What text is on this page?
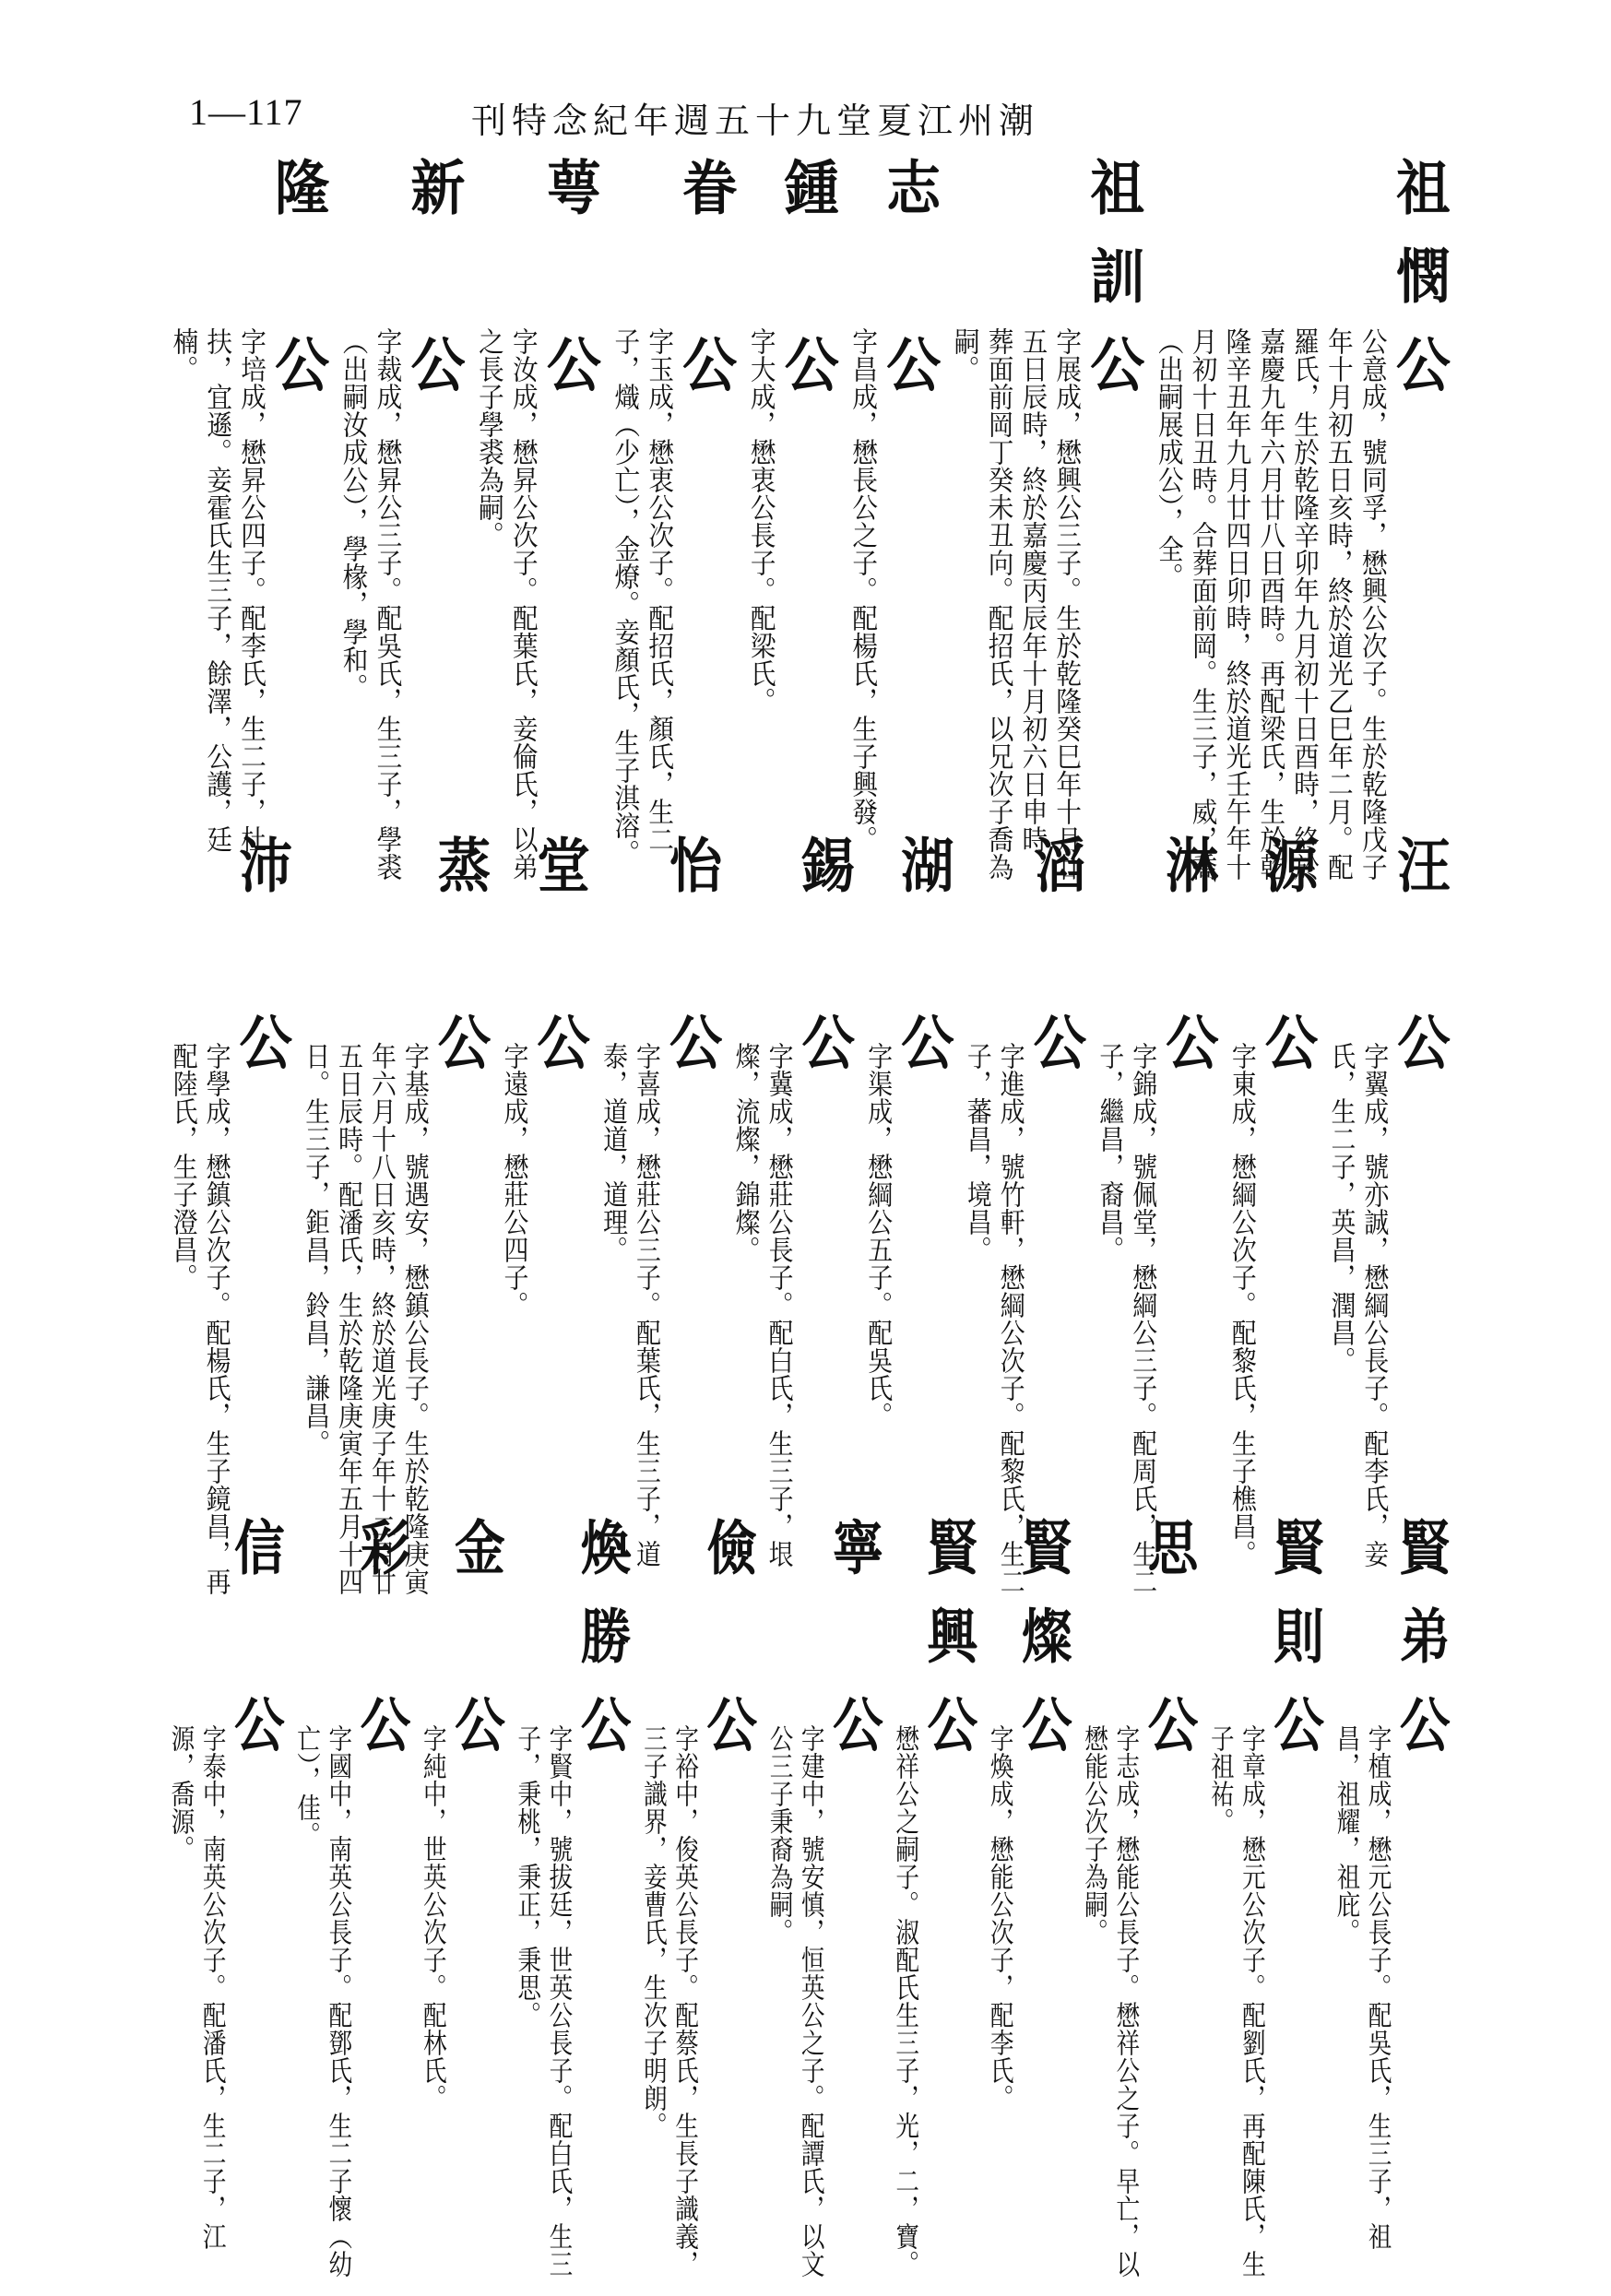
1—117	潮州江夏堂九十五週年紀念特刊
祖憫公
公意成，號同孚，懋興公次子。生於乾隆戊子年十月初五日亥時，終於道光乙巳年二月。配羅氏，生於乾隆辛卯年九月初十日酉時，終於嘉慶九年六月廿八日酉時。再配梁氏，生於乾隆辛丑年九月廿四日卯時，終於道光壬午年十月初十日丑時。合葬面前岡。生三子，威，喬（出嗣展成公），全。
祖訓公
字展成，懋興公三子。生於乾隆癸巳年十月廿五日辰時，終於嘉慶丙辰年十月初六日申時，葬面前岡丁癸未丑向。配招氏，以兄次子喬為嗣。
志　公
字昌成，懋長公之子。配楊氏，生子興發。
鍾　公
字大成，懋衷公長子。配梁氏。
眷　公
字玉成，懋衷公次子。配招氏，顏氏，生二子，熾（少亡），金燎。妾顏氏，生子淇溶。
萼　公
字汝成，懋昇公次子。配葉氏，妾倫氏，以弟之長子學裘為嗣。
新　公
字裁成，懋昇公三子。配吳氏，生三子，學裘（出嗣汝成公），學椽，學和。
隆　公
字培成，懋昇公四子。配李氏，生二子，杜扶，宜遜。妾霍氏生三子，餘澤，公護，廷楠。
汪　公
字翼成，號亦誠，懋綱公長子。配李氏，妾氏，生二子，英昌，潤昌。
源　公
字東成，懋綱公次子。配黎氏，生子樵昌。
淋　公
字錦成，號佩堂，懋綱公三子。配周氏，生二子，繼昌，裔昌。
滔　公
字進成，號竹軒，懋綱公次子。配黎氏，生二子，蕃昌，境昌。
湖　公
字渠成，懋綱公五子。配吳氏。
錫　公
字冀成，懋莊公長子。配白氏，生三子，垠燦，流燦，錦燦。
怡　公
字喜成，懋莊公三子。配葉氏，生三子，道泰，道道，道理。
堂　公
字遠成，懋莊公四子。
蒸　公
字基成，號遇安，懋鎮公長子。生於乾隆庚寅年六月十八日亥時，終於道光庚子年十二月廿五日辰時。配潘氏，生於乾隆庚寅年五月十四日。生三子，鉅昌，鈴昌，謙昌。
沛　公
字學成，懋鎮公次子。配楊氏，生子鏡昌，再配陸氏，生子澄昌。
賢弟公
字植成，懋元公長子。配吳氏，生三子，祖昌，祖耀，祖庇。
賢則公
字章成，懋元公次子。配劉氏，再配陳氏，生子祖祐。
思　公
字志成，懋能公長子。懋祥公之子。早亡，以懋能公次子為嗣。
賢燦公
字煥成，懋能公次子，配李氏。
賢興公
懋祥公之嗣子。淑配氏生三子，光，二，寶。
寧　公
字建中，號安慎，恒英公之子。配譚氏，以文公三子秉裔為嗣。
儉　公
字裕中，俊英公長子。配蔡氏，生長子識義，三子識界，妾曹氏，生次子明朗。
煥勝公
字賢中，號拔廷，世英公長子。配白氏，生三子，秉桃，秉正，秉思。
金　公
字純中，世英公次子。配林氏。
彩　公
字國中，南英公長子。配鄧氏，生二子懷（幼亡），佳。
信　公
字泰中，南英公次子。配潘氏，生二子，江源，喬源。
